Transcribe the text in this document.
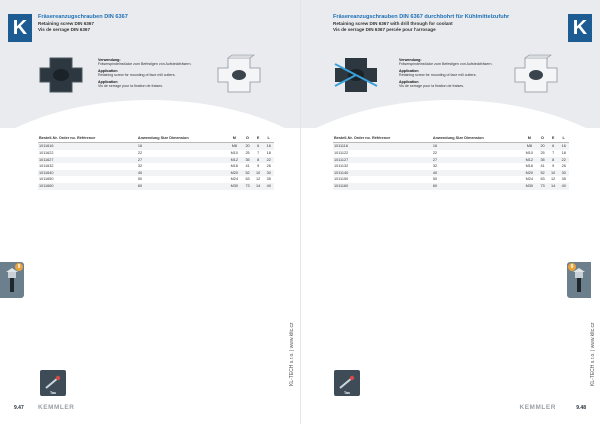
K	Fräsereanzugschrauben DIN 6367
Retaining screw DIN 6367
Vis de serrage DIN 6367
Verwendung:
Fräserspindelnstücke zum Befestigen von Aufsteckfräsern.
Application
Retaining screw for mounting of face mill cutters.
Application
Vis de serrage pour la fixation de fraises.
Bestell-Nr. Order no. Référence	Anwendung Size Dimension	M	D	E	L
1011616	16	M8	20	6	16
1011622	22	M10	25	7	18
1011627	27	M12	35	8	22
1011632	32	M16	41	9	26
1011640	40	M20	52	10	30
1011650	50	M24	63	12	35
1011660	60	M30	73	14	40
9
KL-TECH s.r.o. | www.kltc.cz
Tas
9.47 KEMMLER
K
Fräsereanzugschrauben DIN 6367 durchbohrt für Kühlmittelzufuhr
Retaining screw DIN 6367 with drill through for coolant
Vis de serrage DIN 6367 percée pour l'arrosage
Verwendung:
Fräserspindelnstücke zum Befestigen von Aufsteckfräsern.
Application
Retaining screw for mounting of face mill cutters.
Application
Vis de serrage pour la fixation de fraises.
Bestell-Nr. Order no. Référence	Anwendung Size Dimension	M	D	E	L
1011116	16	M8	20	6	16
1011122	22	M10	25	7	18
1011127	27	M12	35	8	22
1011132	32	M16	41	9	26
1011140	40	M20	52	10	30
1011150	50	M24	63	12	35
1011160	60	M30	73	14	40
9
KL-TECH s.r.o. | www.kltc.cz
9.48
KEMMLER
Tas
